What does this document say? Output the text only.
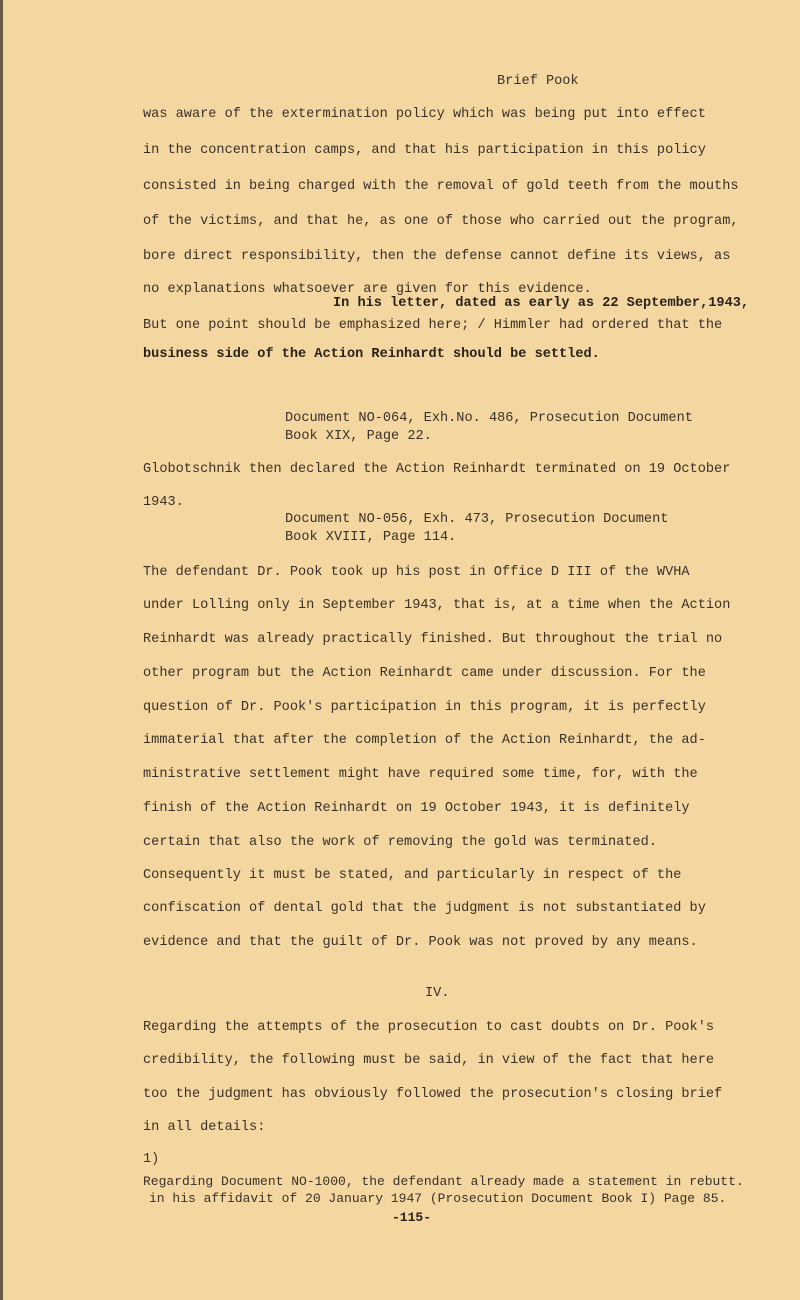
Brief Pook
was aware of the extermination policy which was being put into effect
in the concentration camps, and that his participation in this policy
consisted in being charged with the removal of gold teeth from the mouths
of the victims, and that he, as one of those who carried out the program,
bore direct responsibility, then the defense cannot define its views, as
no explanations whatsoever are given for this evidence.
In his letter, dated as early as 22 September,1943,
But one point should be emphasized here; / Himmler had ordered that the
business side of the Action Reinhardt should be settled.
Document NO-064, Exh.No. 486, Prosecution Document
Book XIX, Page 22.
Globotschnik then declared the Action Reinhardt terminated on 19 October
1943.
Document NO-056, Exh. 473, Prosecution Document
Book XVIII, Page 114.
The defendant Dr. Pook took up his post in Office D III of the WVHA
under Lolling only in September 1943, that is, at a time when the Action
Reinhardt was already practically finished. But throughout the trial no
other program but the Action Reinhardt came under discussion. For the
question of Dr. Pook's participation in this program, it is perfectly
immaterial that after the completion of the Action Reinhardt, the ad-
ministrative settlement might have required some time, for, with the
finish of the Action Reinhardt on 19 October 1943, it is definitely
certain that also the work of removing the gold was terminated.
Consequently it must be stated, and particularly in respect of the
confiscation of dental gold that the judgment is not substantiated by
evidence and that the guilt of Dr. Pook was not proved by any means.
IV.
Regarding the attempts of the prosecution to cast doubts on Dr. Pook's
credibility, the following must be said, in view of the fact that here
too the judgment has obviously followed the prosecution's closing brief
in all details:
1)
Regarding Document NO-1000, the defendant already made a statement in rebutt.
in his affidavit of 20 January 1947 (Prosecution Document Book I) Page 85.
-115-
